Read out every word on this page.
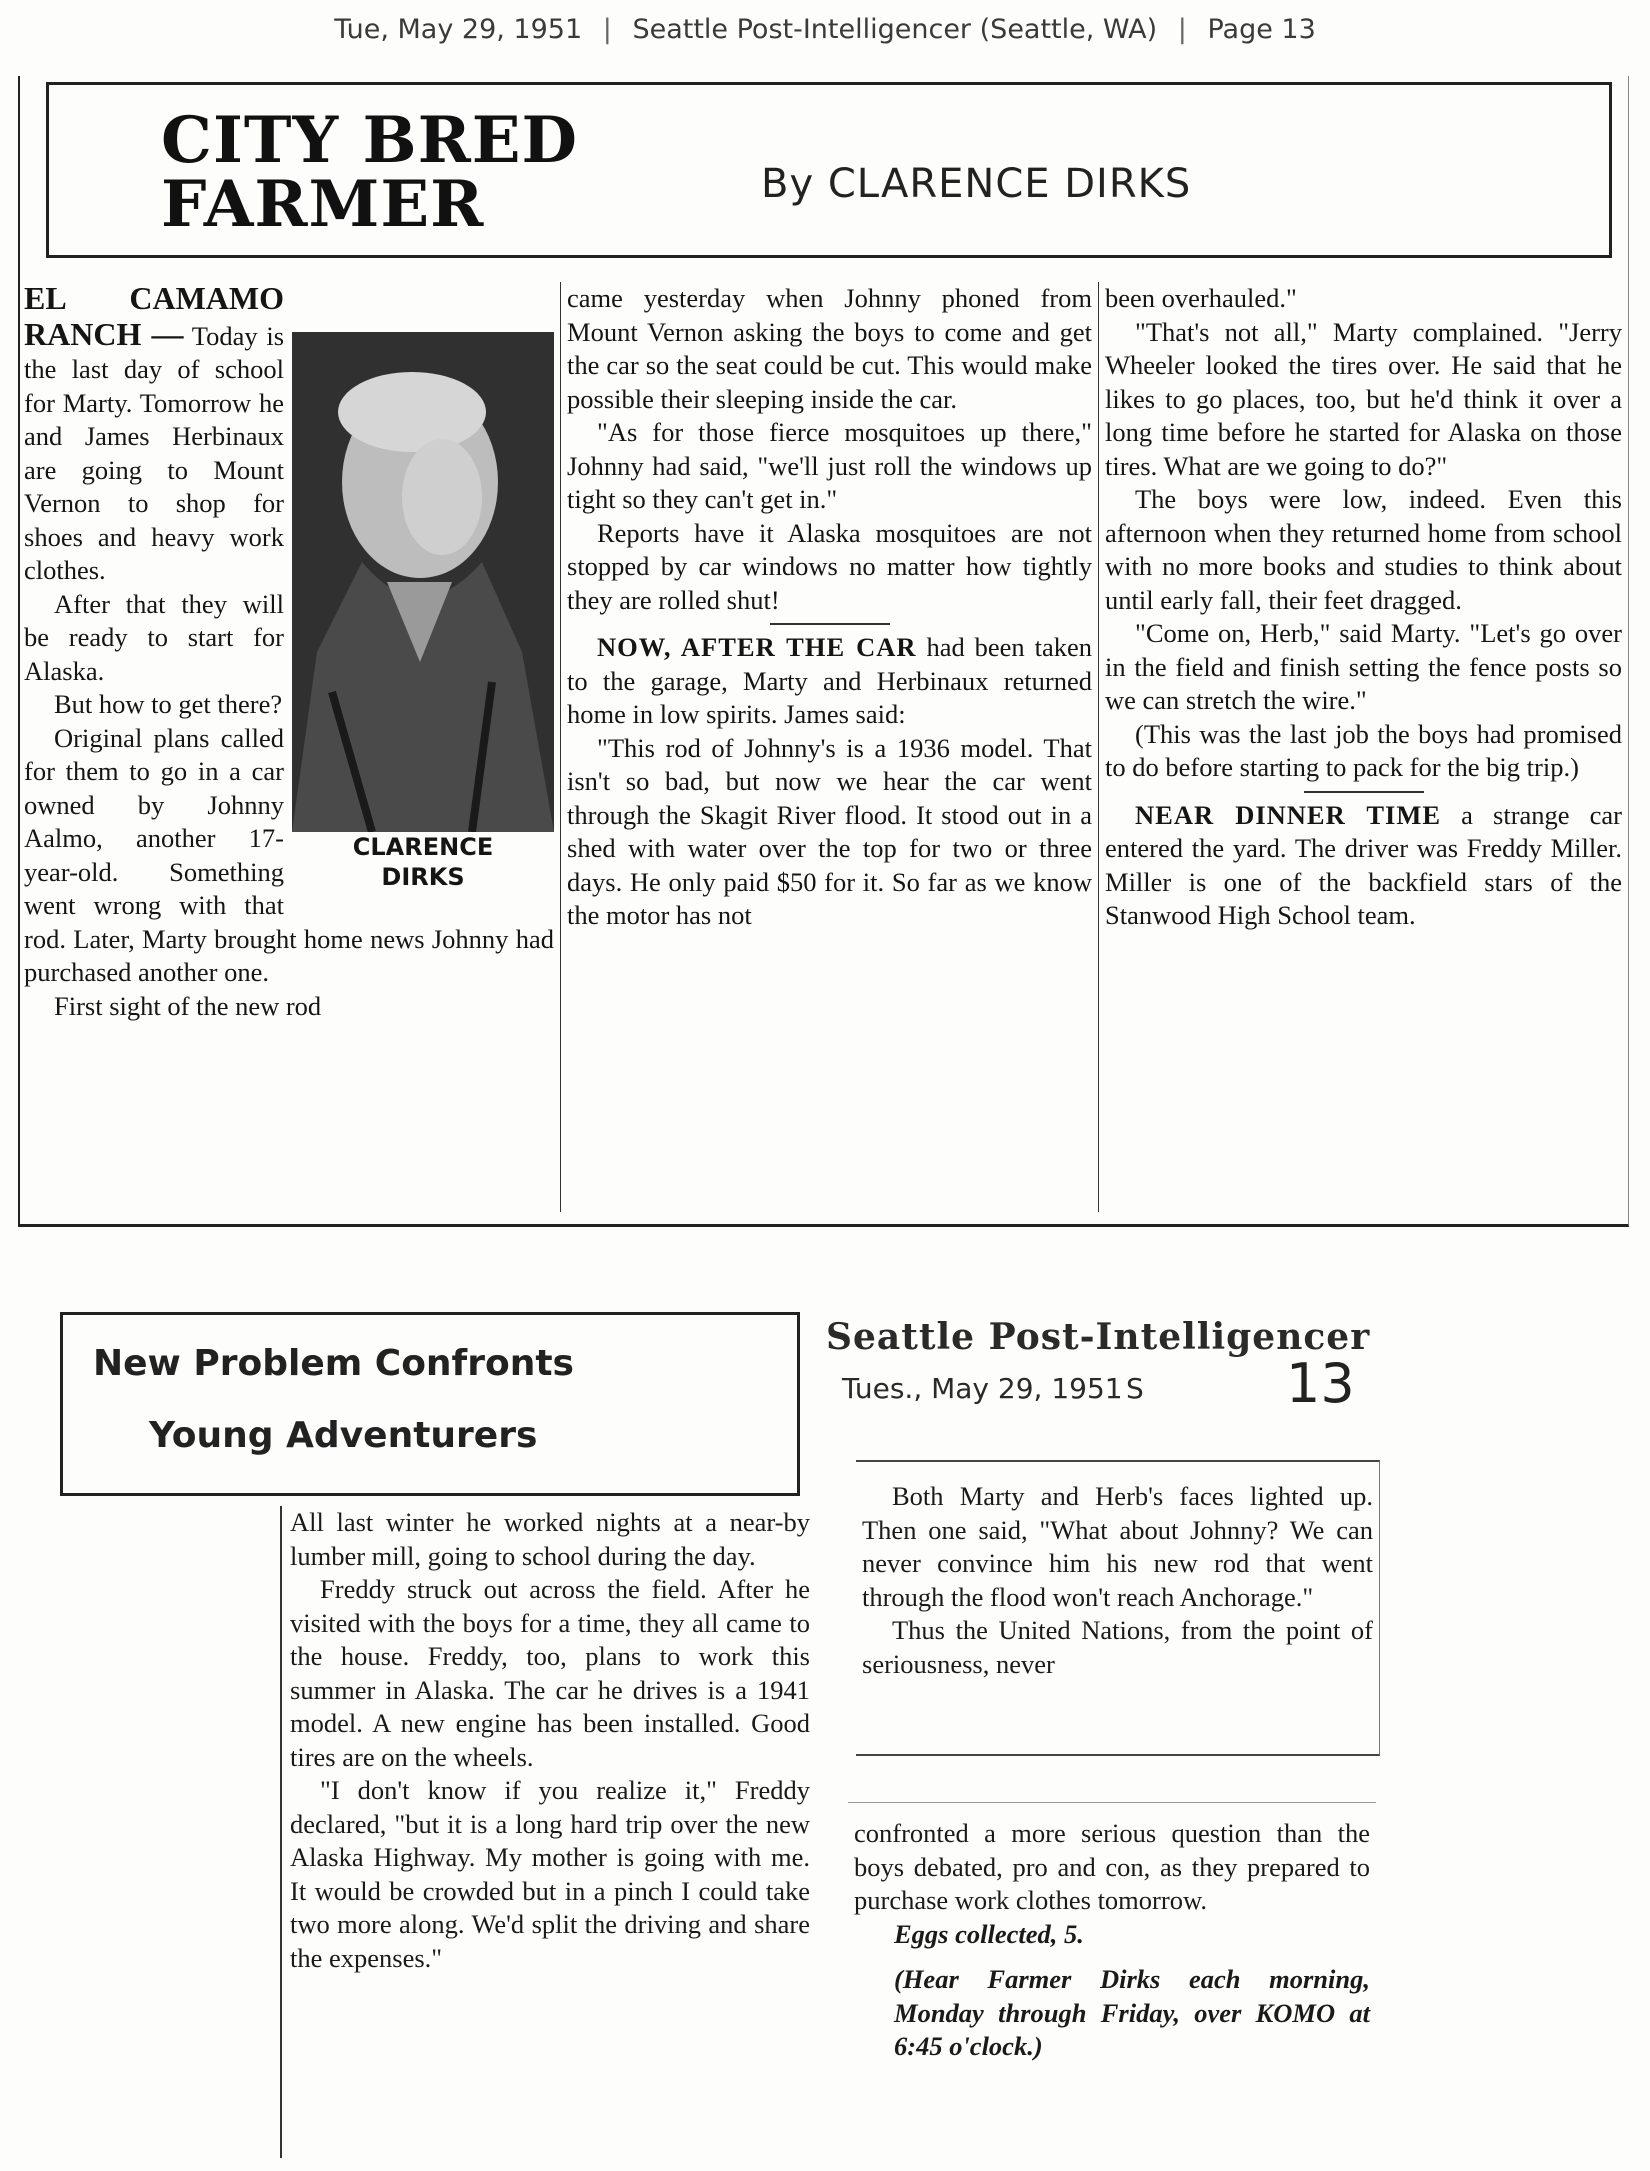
Tue, May 29, 1951 | Seattle Post-Intelligencer (Seattle, WA) | Page 13
CITY BRED
FARMER	By CLARENCE DIRKS
CLARENCE
DIRKS

EL CAMAMO RANCH — Today is the last day of school for Marty. Tomorrow he and James Herbinaux are going to Mount Vernon to shop for shoes and heavy work clothes.

After that they will be ready to start for Alaska.

But how to get there?

Original plans called for them to go in a car owned by Johnny Aalmo, another 17-year-old. Something went wrong with that rod. Later, Marty brought home news Johnny had purchased another one.

First sight of the new rod

came yesterday when Johnny phoned from Mount Vernon asking the boys to come and get the car so the seat could be cut. This would make possible their sleeping inside the car.

"As for those fierce mosquitoes up there," Johnny had said, "we'll just roll the windows up tight so they can't get in."

Reports have it Alaska mosquitoes are not stopped by car windows no matter how tightly they are rolled shut!

NOW, AFTER THE CAR had been taken to the garage, Marty and Herbinaux returned home in low spirits. James said:

"This rod of Johnny's is a 1936 model. That isn't so bad, but now we hear the car went through the Skagit River flood. It stood out in a shed with water over the top for two or three days. He only paid $50 for it. So far as we know the motor has not

been overhauled."

"That's not all," Marty complained. "Jerry Wheeler looked the tires over. He said that he likes to go places, too, but he'd think it over a long time before he started for Alaska on those tires. What are we going to do?"

The boys were low, indeed. Even this afternoon when they returned home from school with no more books and studies to think about until early fall, their feet dragged.

"Come on, Herb," said Marty. "Let's go over in the field and finish setting the fence posts so we can stretch the wire."

(This was the last job the boys had promised to do before starting to pack for the big trip.)

NEAR DINNER TIME a strange car entered the yard. The driver was Freddy Miller. Miller is one of the backfield stars of the Stanwood High School team.

New Problem Confronts
Young Adventurers

All last winter he worked nights at a near-by lumber mill, going to school during the day.

Freddy struck out across the field. After he visited with the boys for a time, they all came to the house. Freddy, too, plans to work this summer in Alaska. The car he drives is a 1941 model. A new engine has been installed. Good tires are on the wheels.

"I don't know if you realize it," Freddy declared, "but it is a long hard trip over the new Alaska Highway. My mother is going with me. It would be crowded but in a pinch I could take two more along. We'd split the driving and share the expenses."

Seattle Post-Intelligencer
Tues., May 29, 1951 S	13

Both Marty and Herb's faces lighted up. Then one said, "What about Johnny? We can never convince him his new rod that went through the flood won't reach Anchorage."

Thus the United Nations, from the point of seriousness, never

confronted a more serious question than the boys debated, pro and con, as they prepared to purchase work clothes tomorrow.

Eggs collected, 5.

(Hear Farmer Dirks each morning, Monday through Friday, over KOMO at 6:45 o'clock.)
